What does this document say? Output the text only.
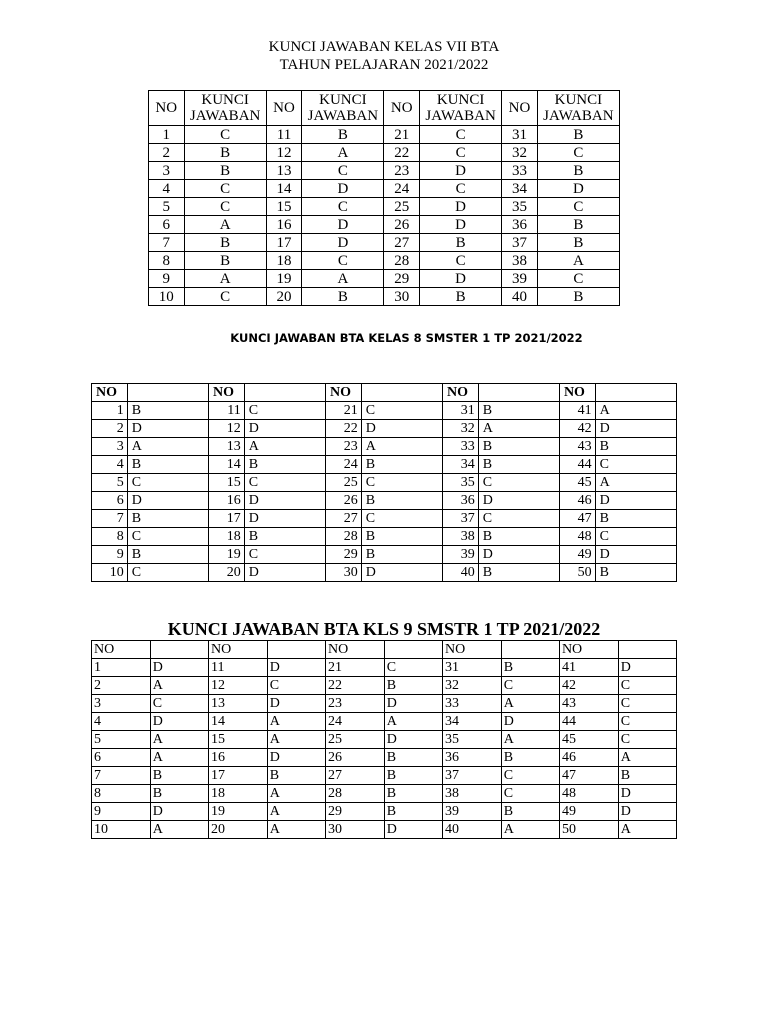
KUNCI JAWABAN KELAS VII BTA
TAHUN PELAJARAN 2021/2022
NO	KUNCI
JAWABAN	NO	KUNCI
JAWABAN	NO	KUNCI
JAWABAN	NO	KUNCI
JAWABAN
1	C	11	B	21	C	31	B
2	B	12	A	22	C	32	C
3	B	13	C	23	D	33	B
4	C	14	D	24	C	34	D
5	C	15	C	25	D	35	C
6	A	16	D	26	D	36	B
7	B	17	D	27	B	37	B
8	B	18	C	28	C	38	A
9	A	19	A	29	D	39	C
10	C	20	B	30	B	40	B
KUNCI JAWABAN BTA KELAS 8 SMSTER 1 TP 2021/2022
NO		NO		NO		NO		NO	
1	B	11	C	21	C	31	B	41	A
2	D	12	D	22	D	32	A	42	D
3	A	13	A	23	A	33	B	43	B
4	B	14	B	24	B	34	B	44	C
5	C	15	C	25	C	35	C	45	A
6	D	16	D	26	B	36	D	46	D
7	B	17	D	27	C	37	C	47	B
8	C	18	B	28	B	38	B	48	C
9	B	19	C	29	B	39	D	49	D
10	C	20	D	30	D	40	B	50	B
KUNCI JAWABAN BTA KLS 9 SMSTR 1 TP 2021/2022
NO		NO		NO		NO		NO	
1	D	11	D	21	C	31	B	41	D
2	A	12	C	22	B	32	C	42	C
3	C	13	D	23	D	33	A	43	C
4	D	14	A	24	A	34	D	44	C
5	A	15	A	25	D	35	A	45	C
6	A	16	D	26	B	36	B	46	A
7	B	17	B	27	B	37	C	47	B
8	B	18	A	28	B	38	C	48	D
9	D	19	A	29	B	39	B	49	D
10	A	20	A	30	D	40	A	50	A
